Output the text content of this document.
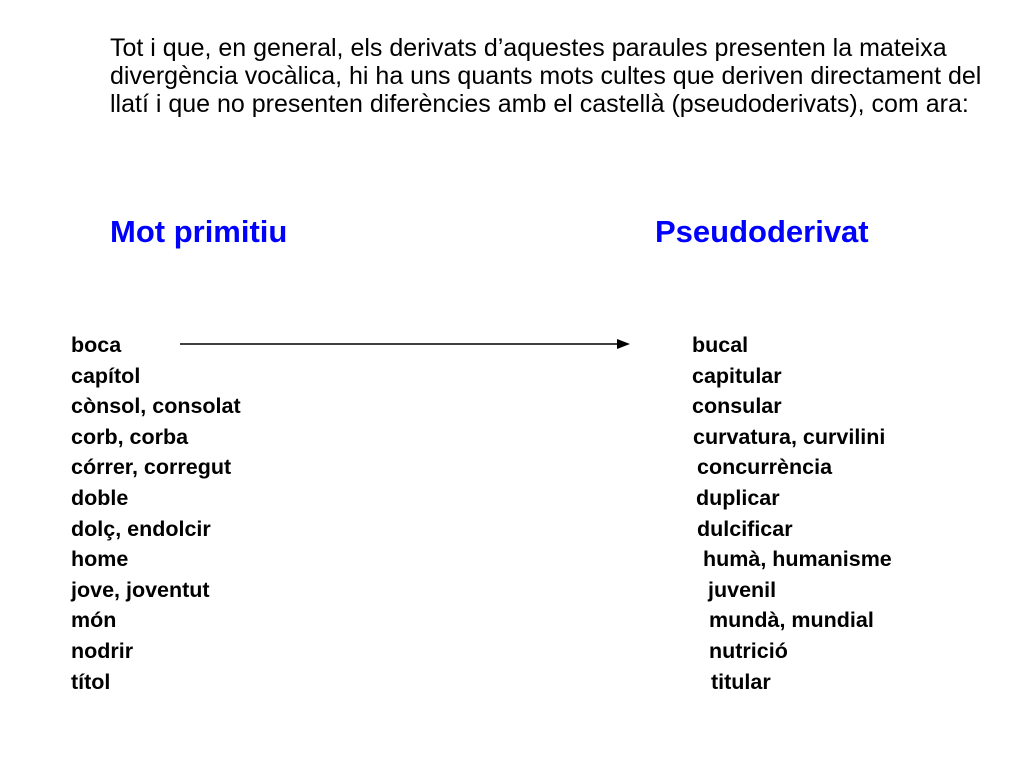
Tot i que, en general, els derivats d’aquestes paraules presenten la mateixa divergència vocàlica, hi ha uns quants mots cultes que deriven directament del llatí i que no presenten diferències amb el castellà (pseudoderivats), com ara:

Mot primitiu	Pseudoderivat
boca	bucal
capítol	capitular
cònsol, consolat	consular
corb, corba	curvatura, curvilini
córrer, corregut	concurrència
doble	duplicar
dolç, endolcir	dulcificar
home	humà, humanisme
jove, joventut	juvenil
món	mundà, mundial
nodrir	nutrició
títol	titular
